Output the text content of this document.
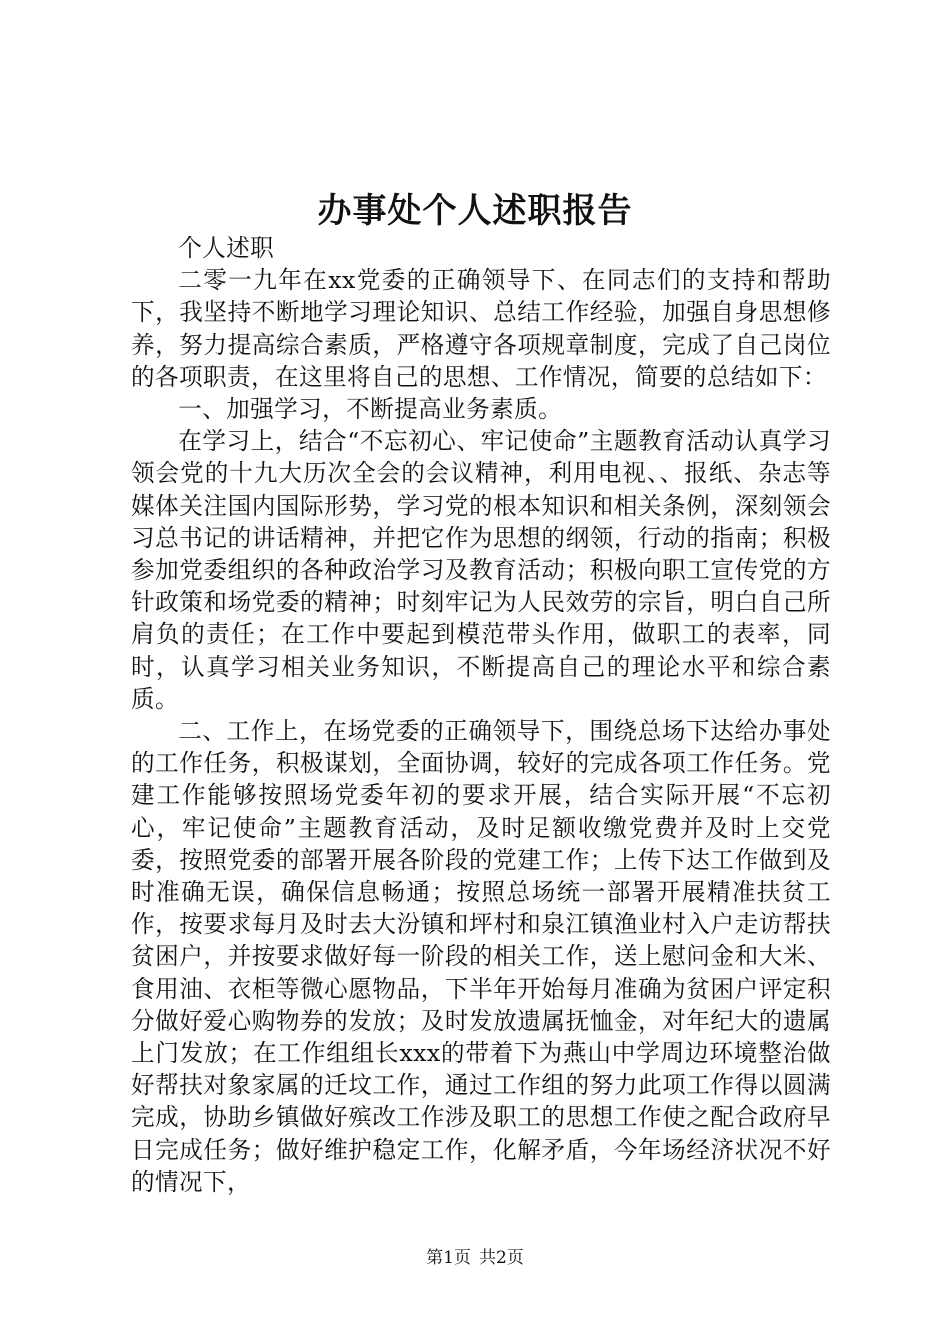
办事处个人述职报告

个人述职

二零一九年在xx党委的正确领导下、在同志们的支持和帮助下，我坚持不断地学习理论知识、总结工作经验，加强自身思想修养，努力提高综合素质，严格遵守各项规章制度，完成了自己岗位的各项职责，在这里将自己的思想、工作情况，简要的总结如下：

一、加强学习，不断提高业务素质。

在学习上，结合“不忘初心、牢记使命”主题教育活动认真学习领会党的十九大历次全会的会议精神，利用电视、、报纸、杂志等媒体关注国内国际形势，学习党的根本知识和相关条例，深刻领会习总书记的讲话精神，并把它作为思想的纲领，行动的指南；积极参加党委组织的各种政治学习及教育活动；积极向职工宣传党的方针政策和场党委的精神；时刻牢记为人民效劳的宗旨，明白自己所肩负的责任；在工作中要起到模范带头作用，做职工的表率，同时，认真学习相关业务知识，不断提高自己的理论水平和综合素质。

二、工作上，在场党委的正确领导下，围绕总场下达给办事处的工作任务，积极谋划，全面协调，较好的完成各项工作任务。党建工作能够按照场党委年初的要求开展，结合实际开展“不忘初心，牢记使命”主题教育活动，及时足额收缴党费并及时上交党委，按照党委的部署开展各阶段的党建工作；上传下达工作做到及时准确无误，确保信息畅通；按照总场统一部署开展精准扶贫工作，按要求每月及时去大汾镇和坪村和泉江镇渔业村入户走访帮扶贫困户，并按要求做好每一阶段的相关工作，送上慰问金和大米、食用油、衣柜等微心愿物品，下半年开始每月准确为贫困户评定积分做好爱心购物券的发放；及时发放遗属抚恤金，对年纪大的遗属上门发放；在工作组组长xxx的带着下为燕山中学周边环境整治做好帮扶对象家属的迁坟工作，通过工作组的努力此项工作得以圆满完成，协助乡镇做好殡改工作涉及职工的思想工作使之配合政府早日完成任务；做好维护稳定工作，化解矛盾，今年场经济状况不好的情况下，

第1页 共2页
